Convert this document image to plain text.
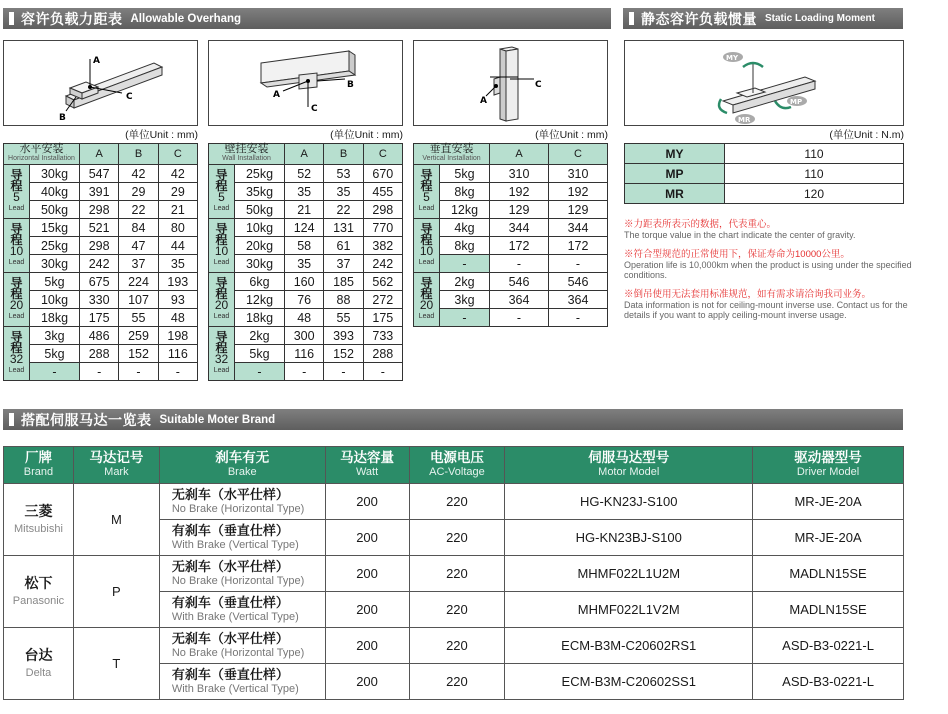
容许负载力距表 Allowable Overhang	静态容许负载惯量 Static Loading Moment
A
C
B
C
A
B
A
C
MY
MP
MR
(单位Unit : mm)	(单位Unit : mm)	(单位Unit : mm)	(单位Unit : N.m)
水平安装
Horizontal Installation		A	B	C
导
程
5
Lead	30kg	547	42	42
	40kg	391	29	29
	50kg	298	22	21
导
程
10
Lead	15kg	521	84	80
	25kg	298	47	44
	30kg	242	37	35
导
程
20
Lead	5kg	675	224	193
	10kg	330	107	93
	18kg	175	55	48
导
程
32
Lead	3kg	486	259	198
	5kg	288	152	116
	-	-	-	-
壁挂安装
Wall Installation		A	B	C
导
程
5
Lead	25kg	52	53	670
	35kg	35	35	455
	50kg	21	22	298
导
程
10
Lead	10kg	124	131	770
	20kg	58	61	382
	30kg	35	37	242
导
程
20
Lead	6kg	160	185	562
	12kg	76	88	272
	18kg	48	55	175
导
程
32
Lead	2kg	300	393	733
	5kg	116	152	288
	-	-	-	-
垂直安装
Vertical Installation		A	C
导
程
5
Lead	5kg	310	310
	8kg	192	192
	12kg	129	129
导
程
10
Lead	4kg	344	344
	8kg	172	172
	-	-	-
导
程
20
Lead	2kg	546	546
	3kg	364	364
	-	-	-
MY	110
MP	110
MR	120
※力距表所表示的数据，代表重心。
The torque value in the chart indicate the center of gravity.
※符合型规范的正常使用下，保证寿命为10000公里。
Operation life is 10,000km when the product is using under the specified conditions.
※倒吊使用无法套用标准规范，如有需求请洽询我司业务。
Data information is not for ceiling-mount inverse use. Contact us for the details if you want to apply ceiling-mount inverse usage.
搭配伺服马达一览表 Suitable Moter Brand
厂牌
Brand	马达记号
Mark	刹车有无
Brake	马达容量
Watt	电源电压
AC-Voltage	伺服马达型号
Motor Model	驱动器型号
Driver Model

三菱
Mitsubishi	M	无刹车（水平仕样）
No Brake (Horizontal Type)	200	220	HG-KN23J-S100	MR-JE-20A
		有刹车（垂直仕样）
With Brake (Vertical Type)	200	220	HG-KN23BJ-S100	MR-JE-20A
松下
Panasonic	P	无刹车（水平仕样）
No Brake (Horizontal Type)	200	220	MHMF022L1U2M	MADLN15SE
		有刹车（垂直仕样）
With Brake (Vertical Type)	200	220	MHMF022L1V2M	MADLN15SE
台达
Delta	T	无刹车（水平仕样）
No Brake (Horizontal Type)	200	220	ECM-B3M-C20602RS1	ASD-B3-0221-L
		有刹车（垂直仕样）
With Brake (Vertical Type)	200	220	ECM-B3M-C20602SS1	ASD-B3-0221-L
